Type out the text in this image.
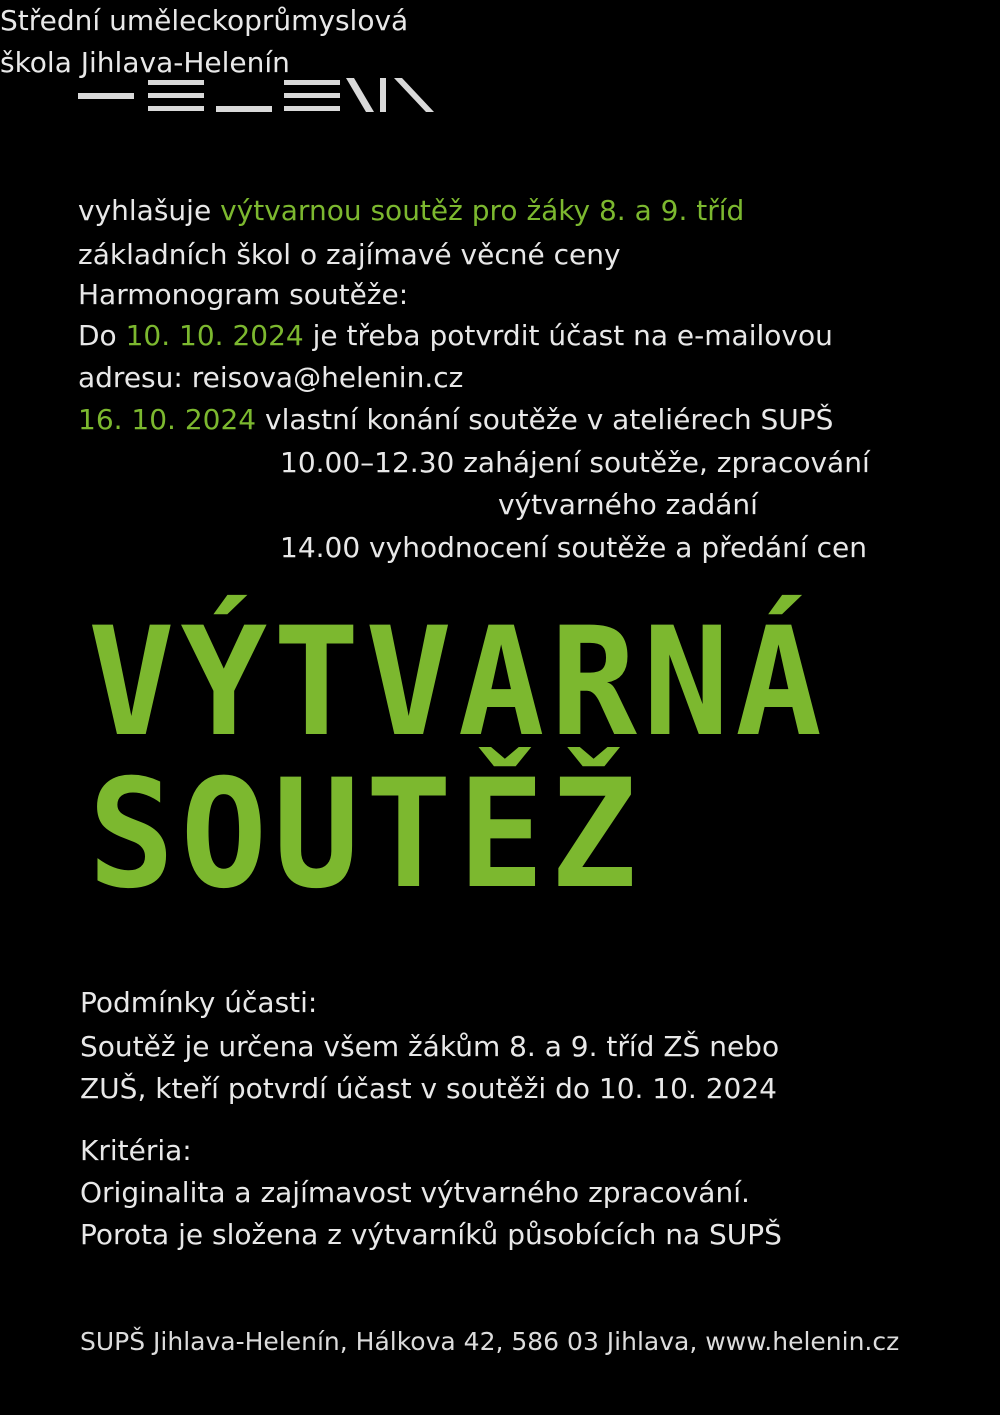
Střední uměleckoprůmyslová
škola Jihlava-Helenín
vyhlašuje výtvarnou soutěž pro žáky 8. a 9. tříd
základních škol o zajímavé věcné ceny
Harmonogram soutěže:
Do 10. 10. 2024 je třeba potvrdit účast na e-mailovou
adresu: reisova@helenin.cz
16. 10. 2024 vlastní konání soutěže v ateliérech SUPŠ
10.00–12.30 zahájení soutěže, zpracování
výtvarného zadání
14.00 vyhodnocení soutěže a předání cen
VÝTVARNÁ
SOUTĚŽ
Podmínky účasti:
Soutěž je určena všem žákům 8. a 9. tříd ZŠ nebo
ZUŠ, kteří potvrdí účast v soutěži do 10. 10. 2024
Kritéria:
Originalita a zajímavost výtvarného zpracování.
Porota je složena z výtvarníků působících na SUPŠ
SUPŠ Jihlava-Helenín, Hálkova 42, 586 03 Jihlava, www.helenin.cz
